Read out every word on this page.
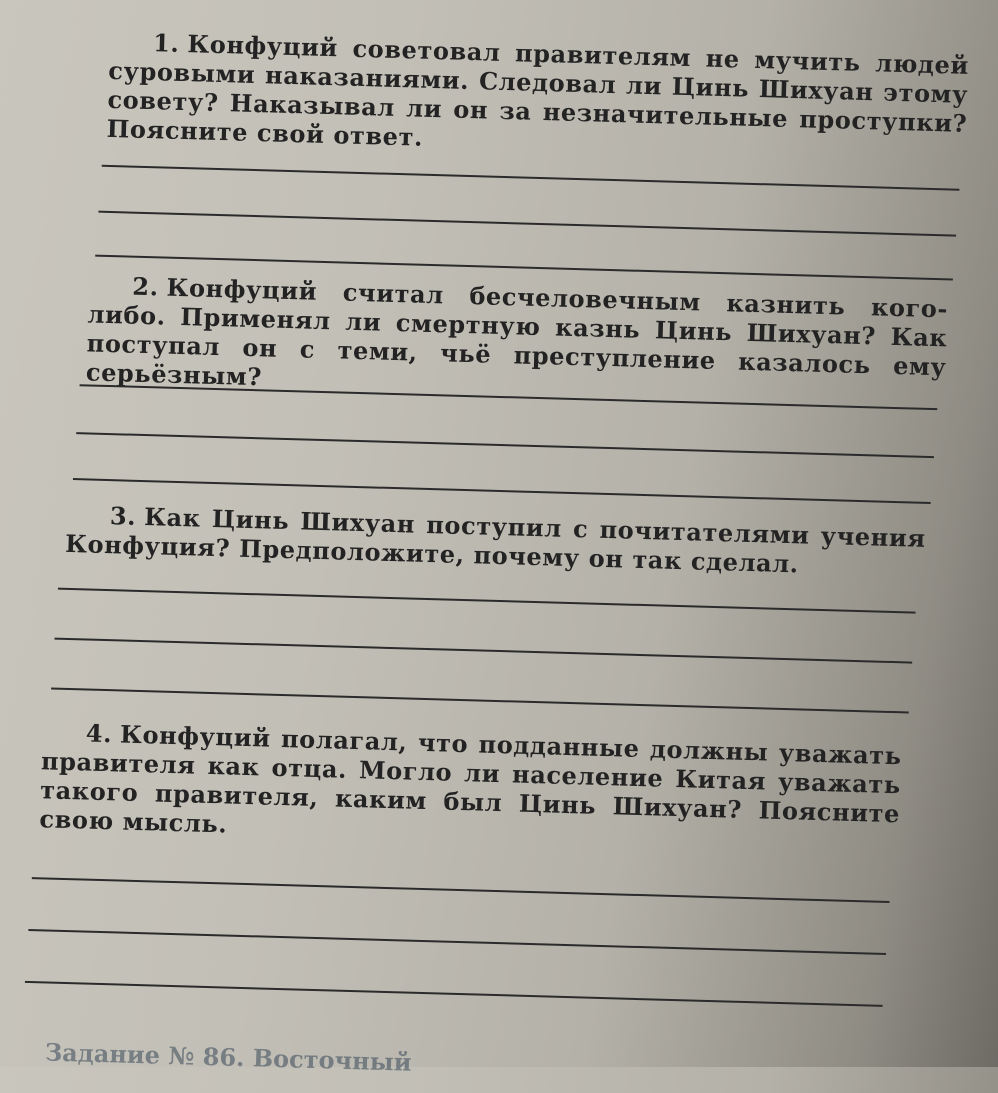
1. Конфуций советовал правителям не мучить людей суровыми наказаниями. Следовал ли Цинь Шихуан этому совету? Наказывал ли он за незначительные проступки? Поясните свой ответ.

2. Конфуций считал бесчеловечным казнить кого-либо. Применял ли смертную казнь Цинь Шихуан? Как поступал он с теми, чьё преступление казалось ему серьёзным?

3. Как Цинь Шихуан поступил с почитателями учения Конфуция? Предположите, почему он так сделал.

4. Конфуций полагал, что подданные должны уважать правителя как отца. Могло ли население Китая уважать такого правителя, каким был Цинь Шихуан? Поясните свою мысль.

Задание № 86. Восточный
